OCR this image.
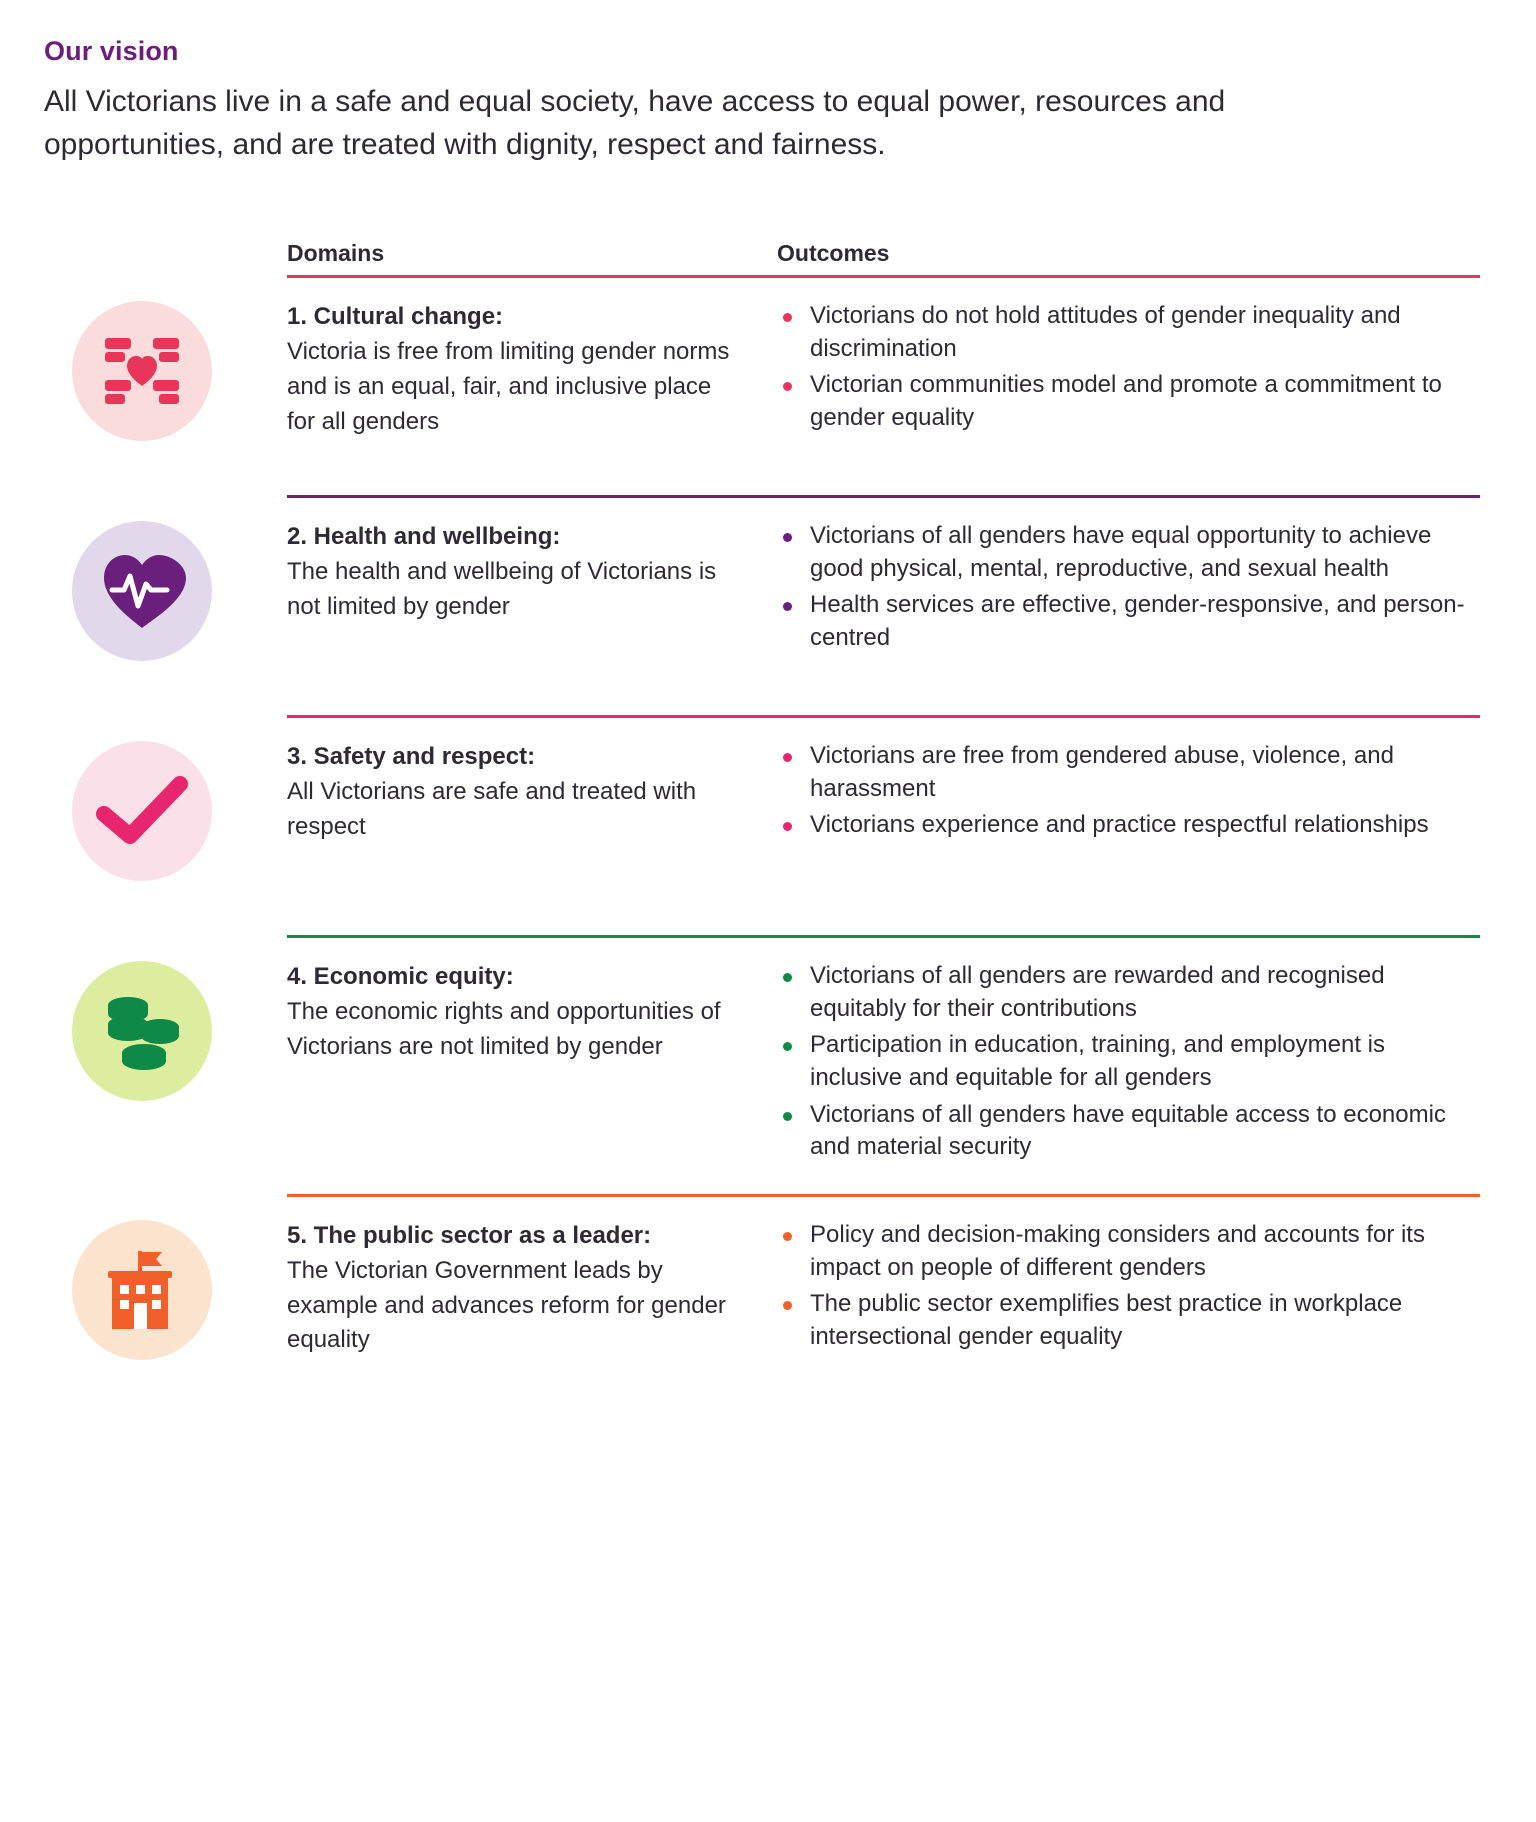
Our vision

All Victorians live in a safe and equal society, have access to equal power, resources and opportunities, and are treated with dignity, respect and fairness.

Domains	Outcomes
1. Cultural change:
Victoria is free from limiting gender norms and is an equal, fair, and inclusive place for all genders
Victorians do not hold attitudes of gender inequality and discrimination
Victorian communities model and promote a commitment to gender equality
2. Health and wellbeing:
The health and wellbeing of Victorians is not limited by gender
Victorians of all genders have equal opportunity to achieve good physical, mental, reproductive, and sexual health
Health services are effective, gender-responsive, and person-centred
3. Safety and respect:
All Victorians are safe and treated with respect
Victorians are free from gendered abuse, violence, and harassment
Victorians experience and practice respectful relationships
4. Economic equity:
The economic rights and opportunities of Victorians are not limited by gender
Victorians of all genders are rewarded and recognised equitably for their contributions
Participation in education, training, and employment is inclusive and equitable for all genders
Victorians of all genders have equitable access to economic and material security
5. The public sector as a leader:
The Victorian Government leads by example and advances reform for gender equality
Policy and decision-making considers and accounts for its impact on people of different genders
The public sector exemplifies best practice in workplace intersectional gender equality
